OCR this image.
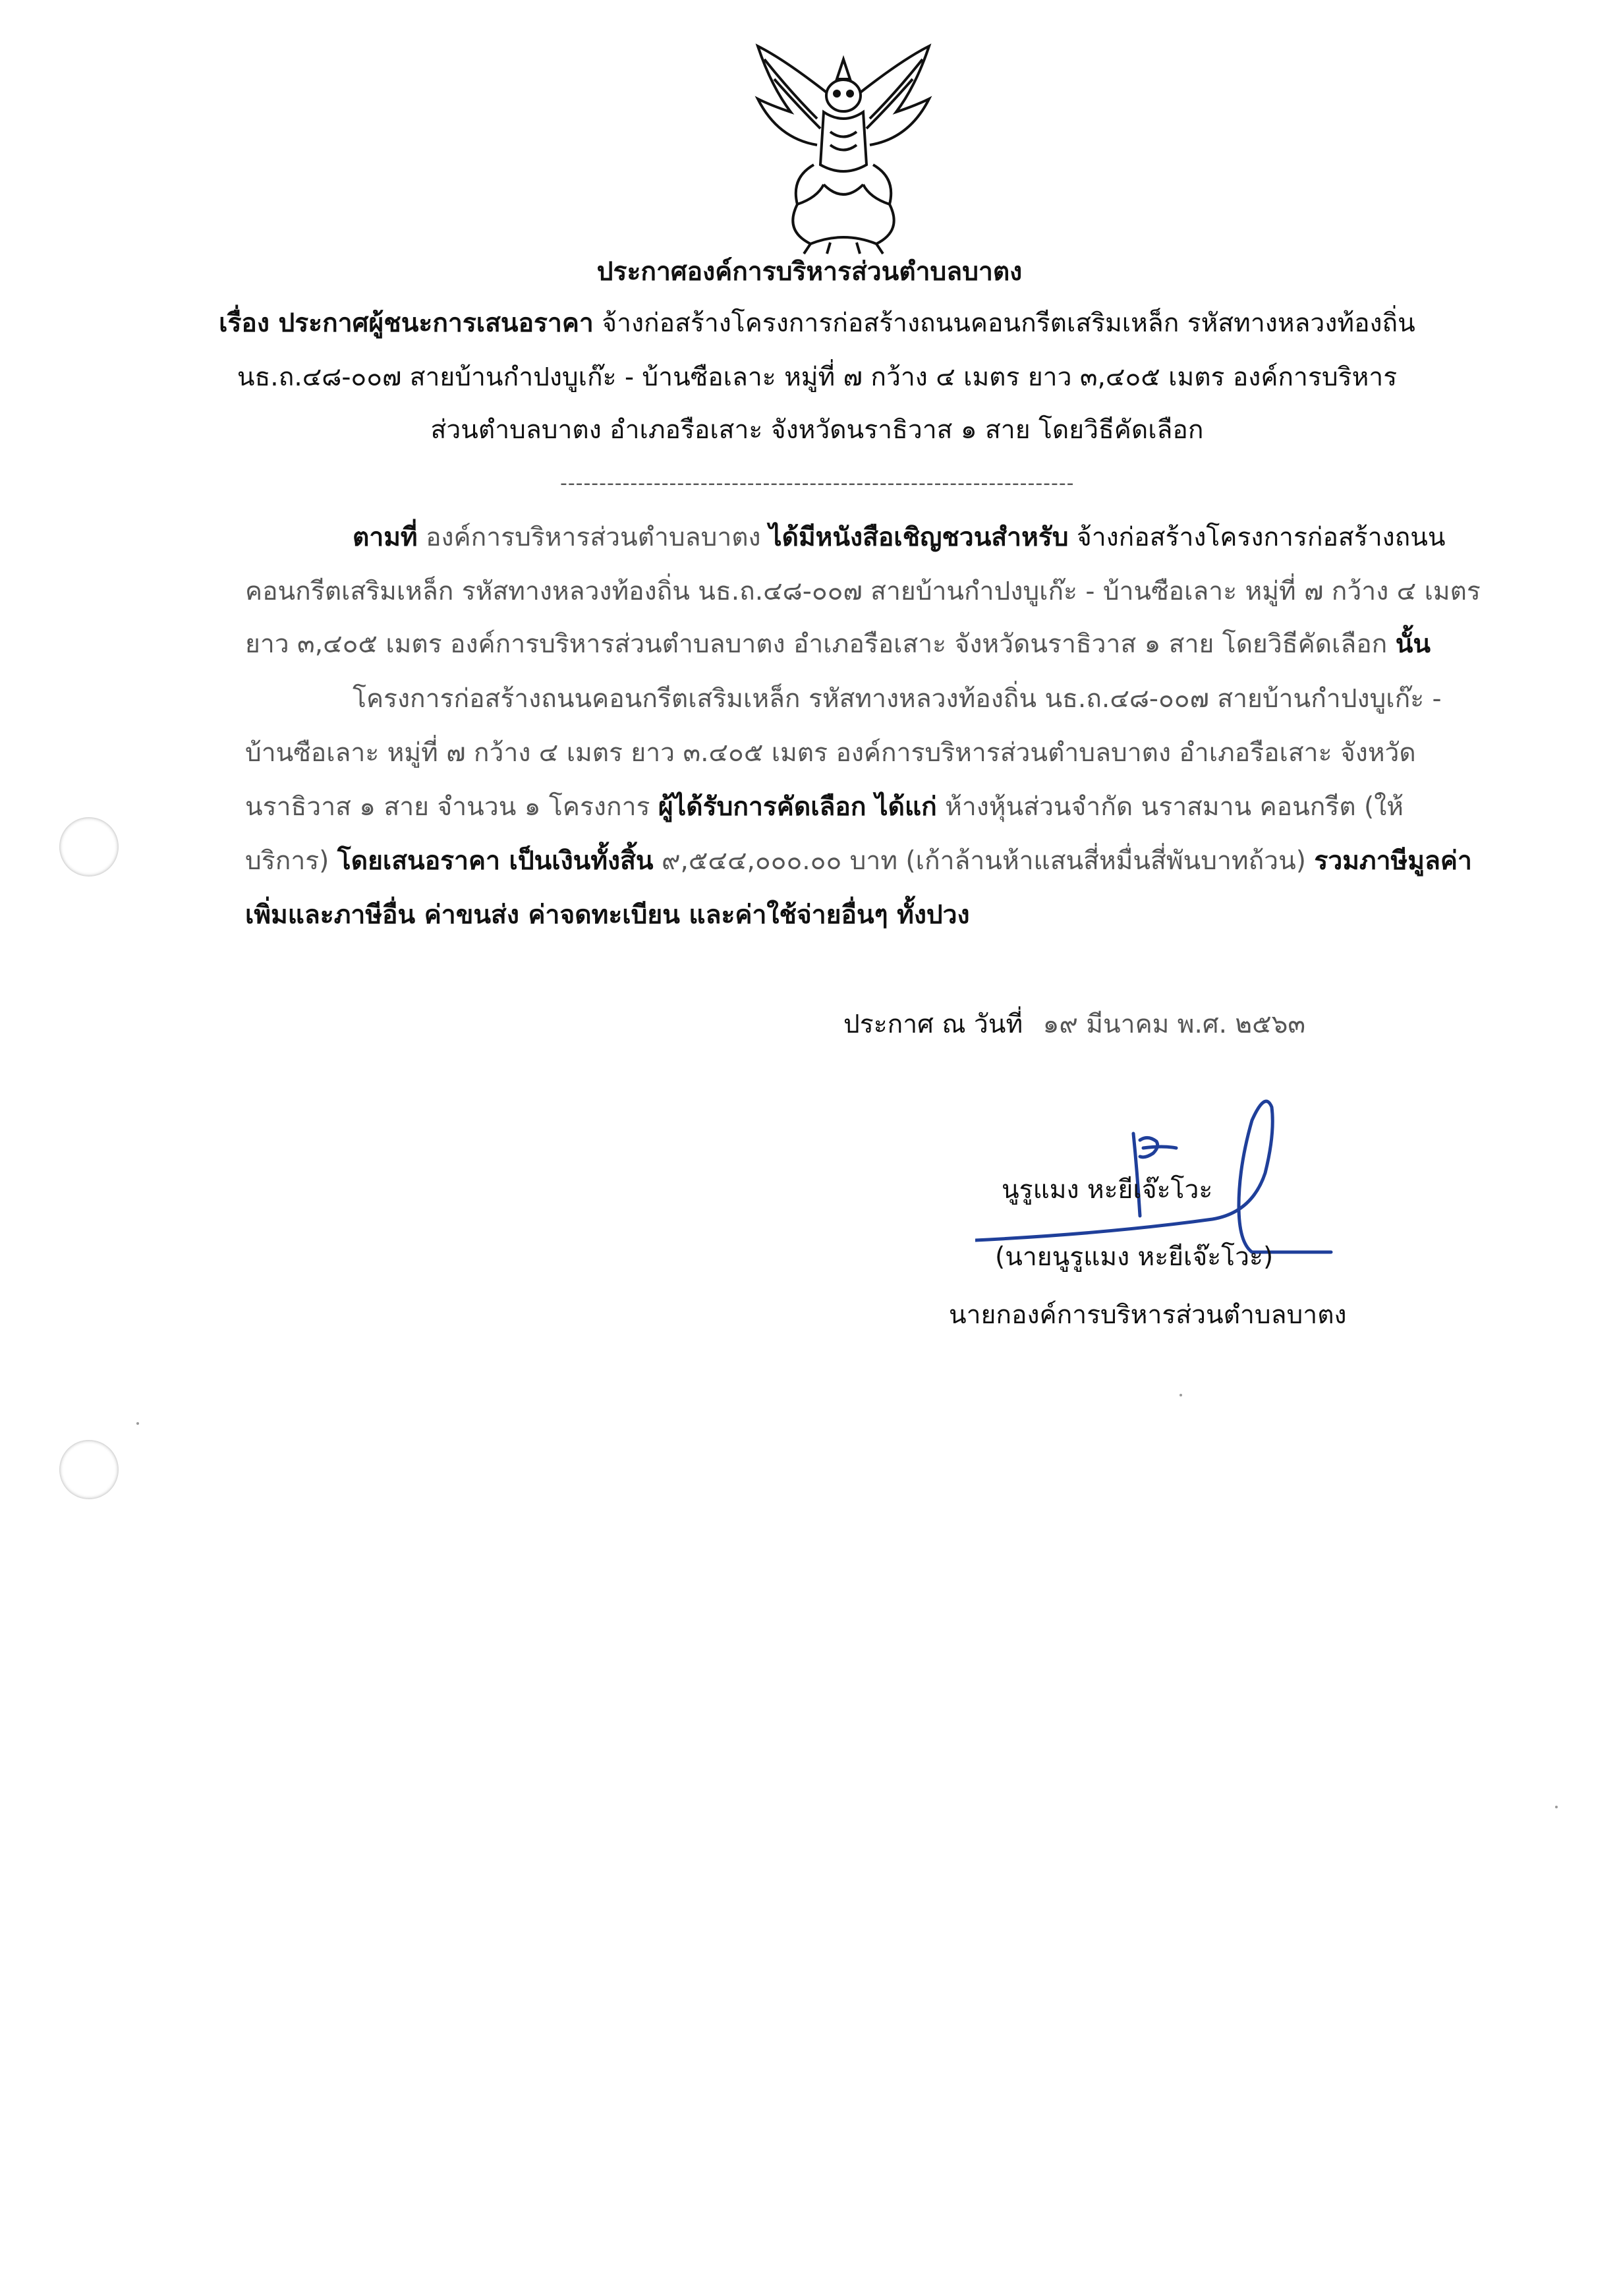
ประกาศองค์การบริหารส่วนตำบลบาตง
เรื่อง ประกาศผู้ชนะการเสนอราคา จ้างก่อสร้างโครงการก่อสร้างถนนคอนกรีตเสริมเหล็ก รหัสทางหลวงท้องถิ่น
นธ.ถ.๔๘-๐๐๗ สายบ้านกำปงบูเก๊ะ - บ้านซือเลาะ หมู่ที่ ๗ กว้าง ๔ เมตร ยาว ๓,๔๐๕ เมตร องค์การบริหาร
ส่วนตำบลบาตง อำเภอรือเสาะ จังหวัดนราธิวาส ๑ สาย โดยวิธีคัดเลือก
------------------------------------------------------------------
ตามที่ องค์การบริหารส่วนตำบลบาตง ได้มีหนังสือเชิญชวนสำหรับ จ้างก่อสร้างโครงการก่อสร้างถนน
คอนกรีตเสริมเหล็ก รหัสทางหลวงท้องถิ่น นธ.ถ.๔๘-๐๐๗ สายบ้านกำปงบูเก๊ะ - บ้านซือเลาะ หมู่ที่ ๗ กว้าง ๔ เมตร
ยาว ๓,๔๐๕ เมตร องค์การบริหารส่วนตำบลบาตง อำเภอรือเสาะ จังหวัดนราธิวาส ๑ สาย โดยวิธีคัดเลือก นั้น
โครงการก่อสร้างถนนคอนกรีตเสริมเหล็ก รหัสทางหลวงท้องถิ่น นธ.ถ.๔๘-๐๐๗ สายบ้านกำปงบูเก๊ะ -
บ้านซือเลาะ หมู่ที่ ๗ กว้าง ๔ เมตร ยาว ๓.๔๐๕ เมตร องค์การบริหารส่วนตำบลบาตง อำเภอรือเสาะ จังหวัด
นราธิวาส ๑ สาย จำนวน ๑ โครงการ ผู้ได้รับการคัดเลือก ได้แก่ ห้างหุ้นส่วนจำกัด นราสมาน คอนกรีต (ให้
บริการ) โดยเสนอราคา เป็นเงินทั้งสิ้น ๙,๕๔๔,๐๐๐.๐๐ บาท (เก้าล้านห้าแสนสี่หมื่นสี่พันบาทถ้วน) รวมภาษีมูลค่า
เพิ่มและภาษีอื่น ค่าขนส่ง ค่าจดทะเบียน และค่าใช้จ่ายอื่นๆ ทั้งปวง
ประกาศ ณ วันที่ ๑๙ มีนาคม พ.ศ. ๒๕๖๓
นูรูแมง หะยีเจ๊ะโวะ
(นายนูรูแมง หะยีเจ๊ะโวะ)
นายกองค์การบริหารส่วนตำบลบาตง
